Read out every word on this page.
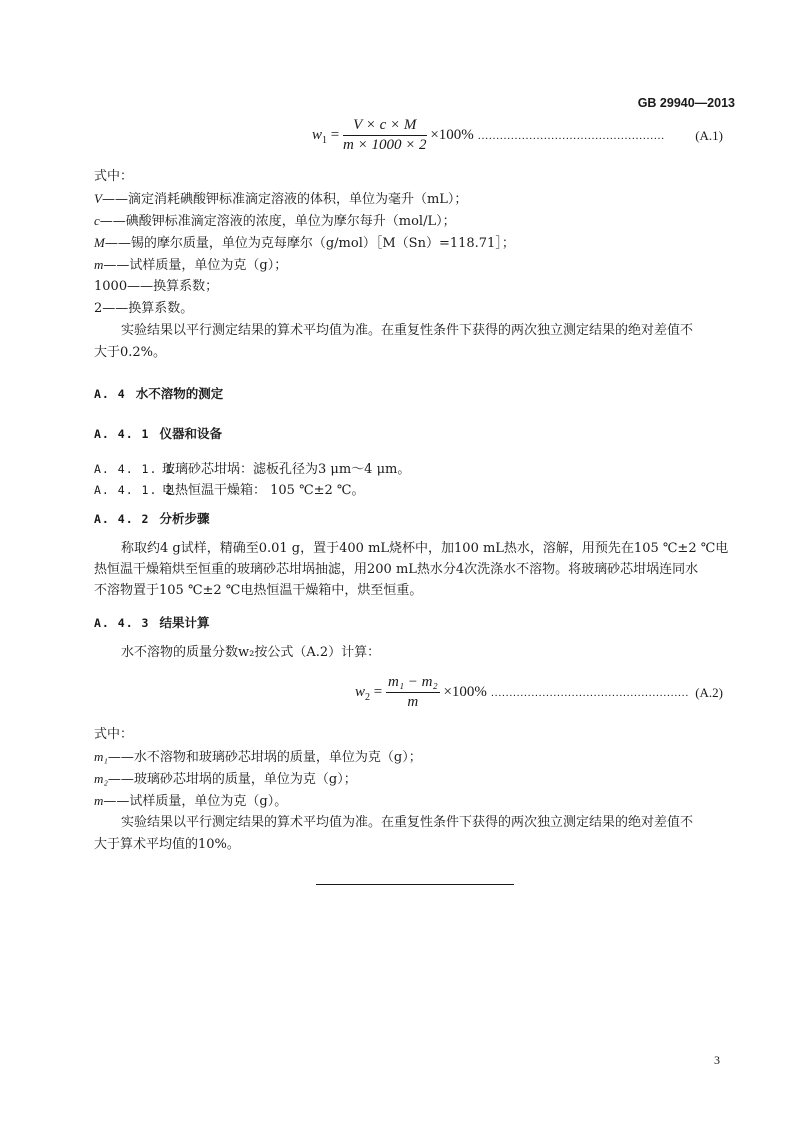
GB 29940—2013
$w_1 = \frac{V \times c \times M}{m \times 1000 \times 2} \times 100\%$ …………………………………………… (A.1)
式中：
V——滴定消耗碘酸钾标准滴定溶液的体积，单位为毫升（mL）；
c——碘酸钾标准滴定溶液的浓度，单位为摩尔每升（mol/L）；
M——锡的摩尔质量，单位为克每摩尔（g/mol）［M（Sn）=118.71］；
m——试样质量，单位为克（g）；
1000——换算系数；
2——换算系数。
实验结果以平行测定结果的算术平均值为准。在重复性条件下获得的两次独立测定结果的绝对差值不
大于0.2%。
A. 4 水不溶物的测定
A. 4. 1 仪器和设备
A. 4. 1. 1玻璃砂芯坩埚：滤板孔径为3 μm～4 μm。
A. 4. 1. 2电热恒温干燥箱： 105 ℃±2 ℃。
A. 4. 2 分析步骤
称取约4 g试样，精确至0.01 g，置于400 mL烧杯中，加100 mL热水，溶解，用预先在105 ℃±2 ℃电
热恒温干燥箱烘至恒重的玻璃砂芯坩埚抽滤，用200 mL热水分4次洗涤水不溶物。将玻璃砂芯坩埚连同水
不溶物置于105 ℃±2 ℃电热恒温干燥箱中，烘至恒重。
A. 4. 3 结果计算
水不溶物的质量分数w₂按公式（A.2）计算：
$w_2 = \frac{\text{m₁ − m₂}}{m} \times 100\%$ ……………………………………………… (A.2)
式中：
m₁——水不溶物和玻璃砂芯坩埚的质量，单位为克（g）；
m₂——玻璃砂芯坩埚的质量，单位为克（g）；
m——试样质量，单位为克（g）。
实验结果以平行测定结果的算术平均值为准。在重复性条件下获得的两次独立测定结果的绝对差值不
大于算术平均值的10%。
3
